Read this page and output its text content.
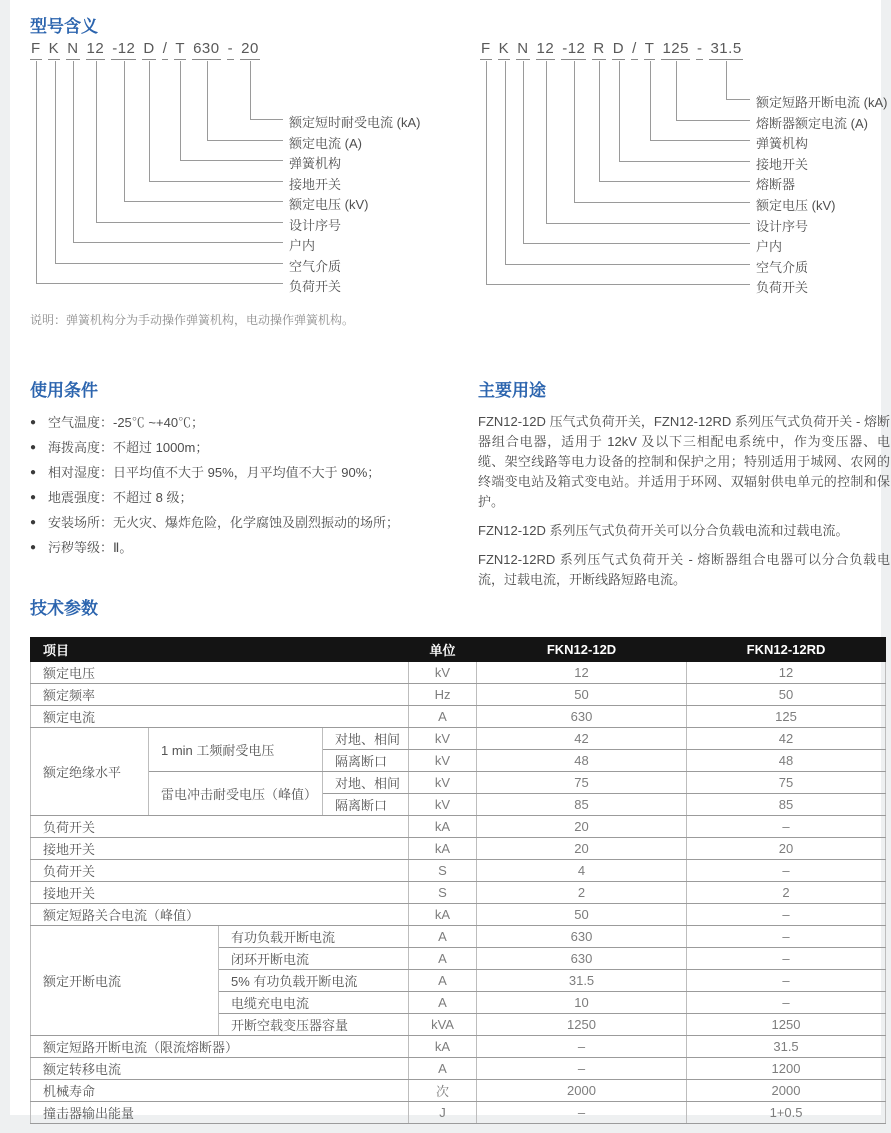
型号含义
F K N 12 -12 D / T 630 - 20
额定短时耐受电流 (kA)
额定电流 (A)
弹簧机构
接地开关
额定电压 (kV)
设计序号
户内
空气介质
负荷开关
F K N 12 -12 R D / T 125 - 31.5
额定短路开断电流 (kA)
熔断器额定电流 (A)
弹簧机构
接地开关
熔断器
额定电压 (kV)
设计序号
户内
空气介质
负荷开关

说明：弹簧机构分为手动操作弹簧机构，电动操作弹簧机构。

使用条件
● 空气温度：-25℃ ~+40℃；
● 海拨高度：不超过 1000m；
● 相对湿度：日平均值不大于 95%，月平均值不大于 90%；
● 地震强度：不超过 8 级；
● 安装场所：无火灾、爆炸危险，化学腐蚀及剧烈振动的场所；
● 污秽等级：Ⅱ。
主要用途

FZN12-12D 压气式负荷开关，FZN12-12RD 系列压气式负荷开关 - 熔断器组合电器，适用于 12kV 及以下三相配电系统中，作为变压器、电缆、架空线路等电力设备的控制和保护之用；特别适用于城网、农网的终端变电站及箱式变电站。并适用于环网、双辐射供电单元的控制和保护。

FZN12-12D 系列压气式负荷开关可以分合负载电流和过载电流。

FZN12-12RD 系列压气式负荷开关 - 熔断器组合电器可以分合负载电流，过载电流，开断线路短路电流。

技术参数
项目				单位	FKN12-12D	FKN12-12RD
额定电压				kV	12	12
额定频率				Hz	50	50
额定电流				A	630	125
额定绝缘水平	1 min 工频耐受电压		对地、相间	kV	42	42
			隔离断口	kV	48	48
	雷电冲击耐受电压（峰值）		对地、相间	kV	75	75
			隔离断口	kV	85	85
负荷开关				kA	20	–
接地开关				kA	20	20
负荷开关				S	4	–
接地开关				S	2	2
额定短路关合电流（峰值）				kA	50	–
额定开断电流		有功负载开断电流		A	630	–
		闭环开断电流		A	630	–
		5% 有功负载开断电流		A	31.5	–
		电缆充电电流		A	10	–
		开断空载变压器容量		kVA	1250	1250
额定短路开断电流（限流熔断器）				kA	–	31.5
额定转移电流				A	–	1200
机械寿命				次	2000	2000
撞击器输出能量				J	–	1+0.5
